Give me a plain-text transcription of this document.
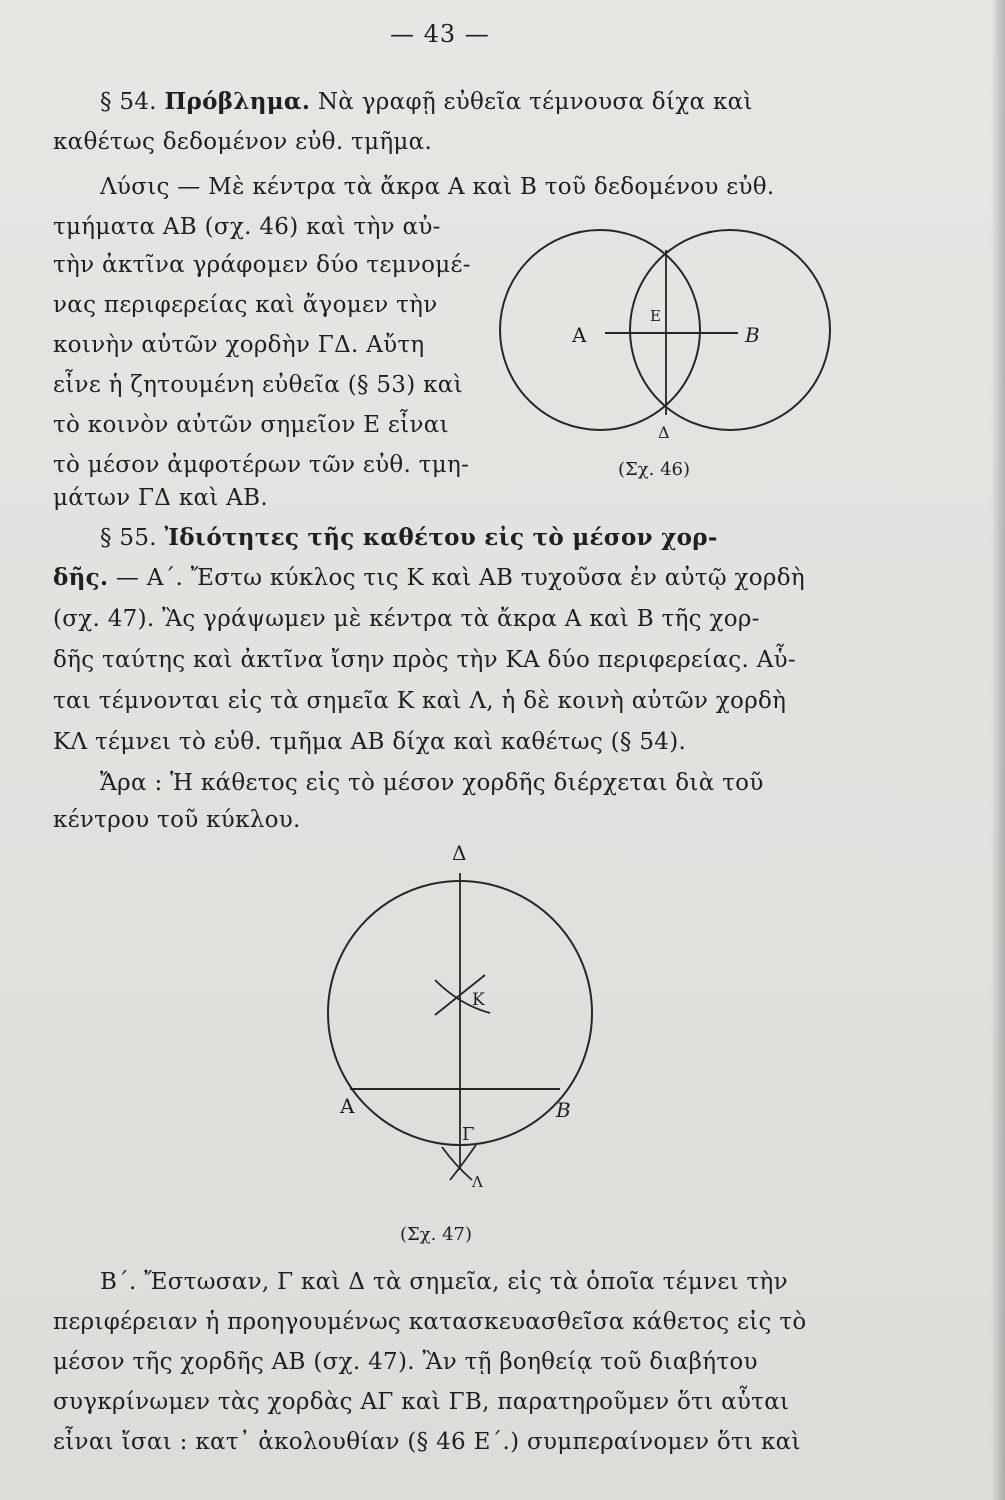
— 43 —
§ 54. Πρόβλημα. Νὰ γραφῇ εὐθεῖα τέμνουσα δίχα καὶ
καθέτως δεδομένον εὐθ. τμῆμα.
Λύσις — Μὲ κέντρα τὰ ἄκρα Α καὶ Β τοῦ δεδομένου εὐθ.
τμήματα ΑΒ (σχ. 46) καὶ τὴν αὐ-
τὴν ἀκτῖνα γράφομεν δύο τεμνομέ-
νας περιφερείας καὶ ἄγομεν τὴν
κοινὴν αὐτῶν χορδὴν ΓΔ. Αὔτη
εἶνε ἡ ζητουμένη εὐθεῖα (§ 53) καὶ
τὸ κοινὸν αὐτῶν σημεῖον Ε εἶναι
τὸ μέσον ἀμφοτέρων τῶν εὐθ. τμη-
μάτων ΓΔ καὶ ΑΒ.
Α	Β
Ε
Δ
(Σχ. 46)
§ 55. Ἰδιότητες τῆς καθέτου εἰς τὸ μέσον χορ-
δῆς. — Α΄. Ἔστω κύκλος τις Κ καὶ ΑΒ τυχοῦσα ἐν αὐτῷ χορδὴ
(σχ. 47). Ἂς γράψωμεν μὲ κέντρα τὰ ἄκρα Α καὶ Β τῆς χορ-
δῆς ταύτης καὶ ἀκτῖνα ἴσην πρὸς τὴν ΚΑ δύο περιφερείας. Αὗ-
ται τέμνονται εἰς τὰ σημεῖα Κ καὶ Λ, ἡ δὲ κοινὴ αὐτῶν χορδὴ
ΚΛ τέμνει τὸ εὐθ. τμῆμα ΑΒ δίχα καὶ καθέτως (§ 54).
Ἄρα : Ἡ κάθετος εἰς τὸ μέσον χορδῆς διέρχεται διὰ τοῦ
κέντρου τοῦ κύκλου.
Δ
Κ
Α	Β
Γ
Λ
(Σχ. 47)
Β΄. Ἔστωσαν, Γ καὶ Δ τὰ σημεῖα, εἰς τὰ ὁποῖα τέμνει τὴν
περιφέρειαν ἡ προηγουμένως κατασκευασθεῖσα κάθετος εἰς τὸ
μέσον τῆς χορδῆς ΑΒ (σχ. 47). Ἂν τῇ βοηθείᾳ τοῦ διαβήτου
συγκρίνωμεν τὰς χορδὰς ΑΓ καὶ ΓΒ, παρατηροῦμεν ὅτι αὗται
εἶναι ἴσαι : κατ᾽ ἀκολουθίαν (§ 46 Ε΄.) συμπεραίνομεν ὅτι καὶ
